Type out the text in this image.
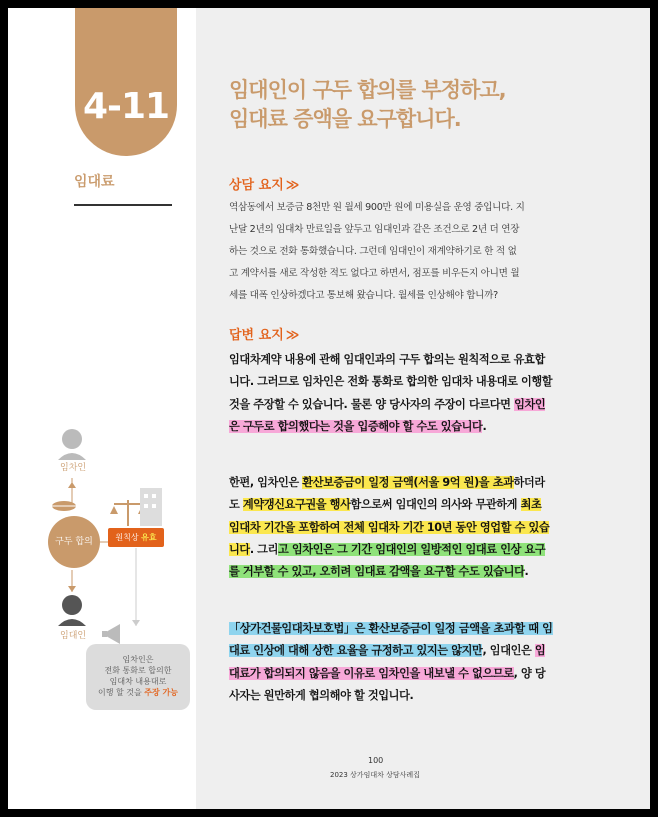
4-11
임대료
임대인이 구두 합의를 부정하고,
임대료 증액을 요구합니다.
상담 요지 ≫
역삼동에서 보증금 8천만 원 월세 900만 원에 미용실을 운영 중입니다. 지
난달 2년의 임대차 만료일을 앞두고 임대인과 같은 조건으로 2년 더 연장
하는 것으로 전화 통화했습니다. 그런데 임대인이 재계약하기로 한 적 없
고 계약서를 새로 작성한 적도 없다고 하면서, 점포를 비우든지 아니면 월
세를 대폭 인상하겠다고 통보해 왔습니다. 월세를 인상해야 합니까?
답변 요지 ≫
임대차계약 내용에 관해 임대인과의 구두 합의는 원칙적으로 유효합니다. 그러므로 임차인은 전화 통화로 합의한 임대차 내용대로 이행할 것을 주장할 수 있습니다. 물론 양 당사자의 주장이 다르다면 임차인은 구두로 합의했다는 것을 입증해야 할 수도 있습니다.
한편, 임차인은 환산보증금이 일정 금액(서울 9억 원)을 초과하더라도 계약갱신요구권을 행사함으로써 임대인의 의사와 무관하게 최초 임대차 기간을 포함하여 전체 임대차 기간 10년 동안 영업할 수 있습니다. 그리고 임차인은 그 기간 임대인의 일방적인 임대료 인상 요구를 거부할 수 있고, 오히려 임대료 감액을 요구할 수도 있습니다.
「상가건물임대차보호법」은 환산보증금이 일정 금액을 초과할 때 임대료 인상에 대해 상한 요율을 규정하고 있지는 않지만, 임대인은 임대료가 합의되지 않음을 이유로 임차인을 내보낼 수 없으므로, 양 당사자는 원만하게 협의해야 할 것입니다.
100
2023 상가임대차 상담사례집
임차인
구두 합의	원칙상 유효
임대인
임차인은
전화 통화로 합의한
임대차 내용대로
이행 할 것을 주장 가능
